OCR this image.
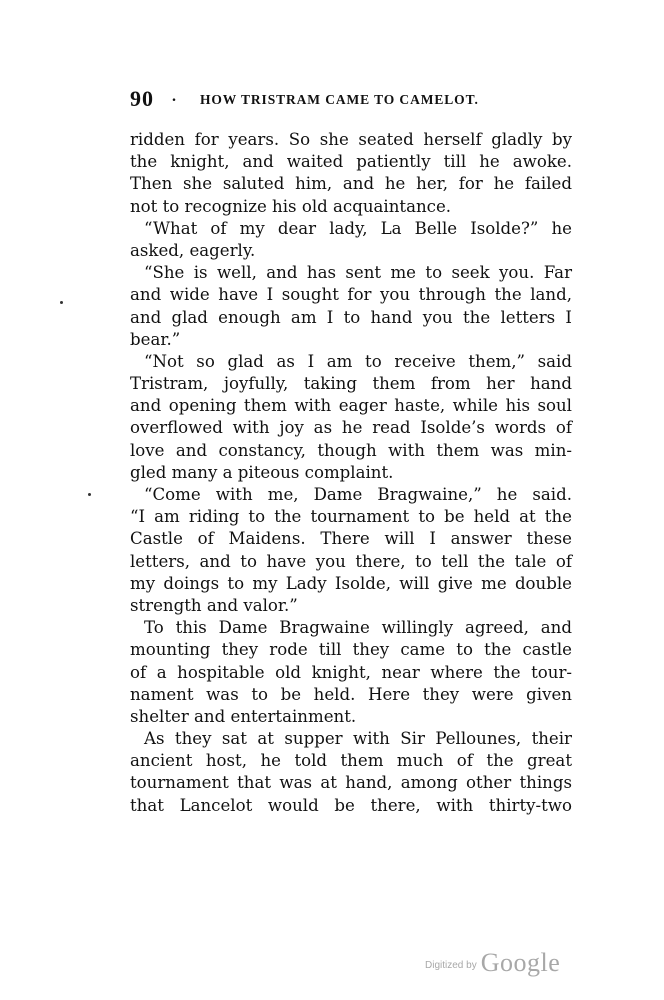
90 . HOW TRISTRAM CAME TO CAMELOT.
ridden for years. So she seated herself gladly by
the knight, and waited patiently till he awoke.
Then she saluted him, and he her, for he failed
not to recognize his old acquaintance.
“What of my dear lady, La Belle Isolde?” he
asked, eagerly.
“She is well, and has sent me to seek you. Far
and wide have I sought for you through the land,
and glad enough am I to hand you the letters I
bear.”
“Not so glad as I am to receive them,” said
Tristram, joyfully, taking them from her hand
and opening them with eager haste, while his soul
overflowed with joy as he read Isolde’s words of
love and constancy, though with them was min-
gled many a piteous complaint.
“Come with me, Dame Bragwaine,” he said.
“I am riding to the tournament to be held at the
Castle of Maidens. There will I answer these
letters, and to have you there, to tell the tale of
my doings to my Lady Isolde, will give me double
strength and valor.”
To this Dame Bragwaine willingly agreed, and
mounting they rode till they came to the castle
of a hospitable old knight, near where the tour-
nament was to be held. Here they were given
shelter and entertainment.
As they sat at supper with Sir Pellounes, their
ancient host, he told them much of the great
tournament that was at hand, among other things
that Lancelot would be there, with thirty-two
Digitized by Google
